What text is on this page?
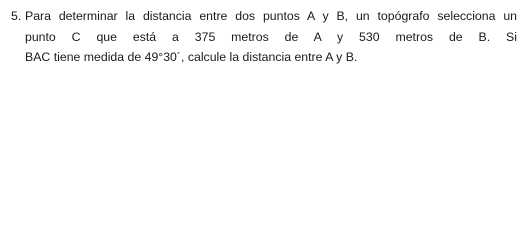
5. Para determinar la distancia entre dos puntos A y B, un topógrafo selecciona un
punto C que está a 375 metros de A y 530 metros de B. Si
BAC tiene medida de 49°30´, calcule la distancia entre A y B.
